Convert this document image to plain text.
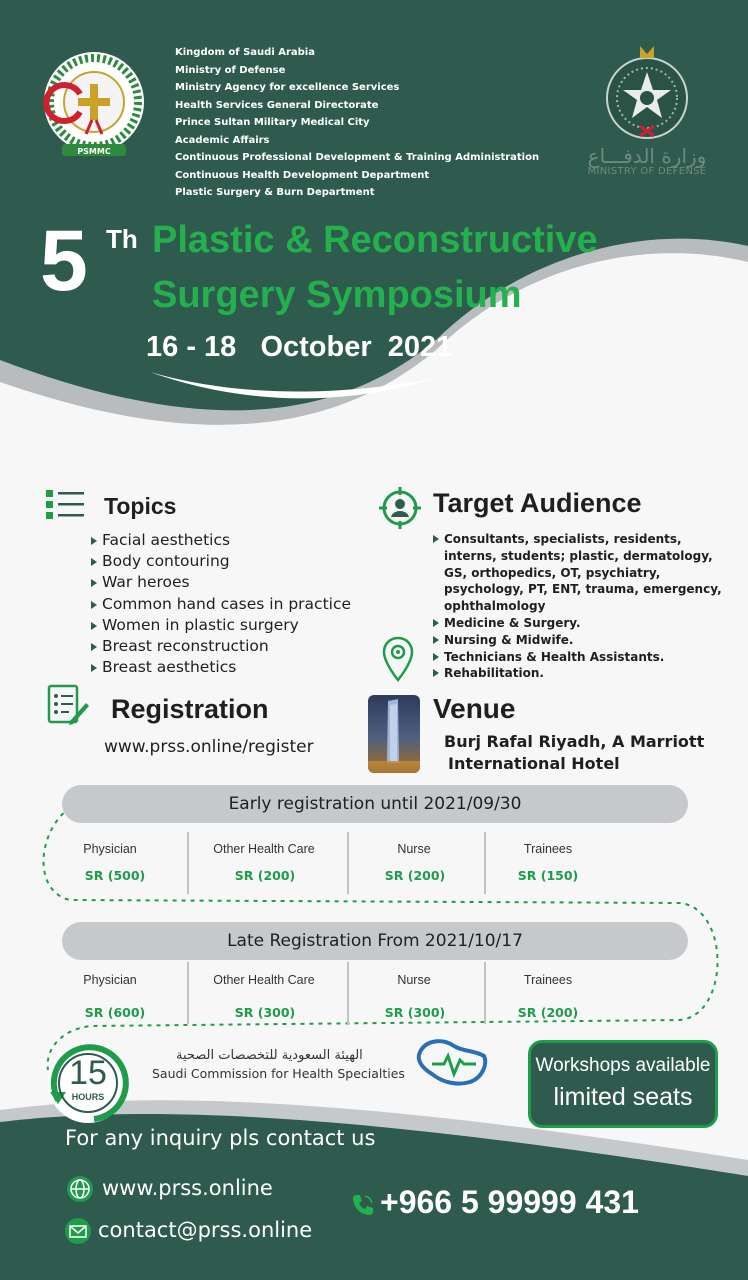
PSMMC
Kingdom of Saudi Arabia
Ministry of Defense
Ministry Agency for excellence Services
Health Services General Directorate
Prince Sultan Military Medical City
Academic Affairs
Continuous Professional Development & Training Administration
Continuous Health Development Department
Plastic Surgery & Burn Department
وزارة الدفـــاع
MINISTRY OF DEFENSE
5 Th Plastic & Reconstructive
Surgery Symposium
16 - 18   October  2021
Topics
Facial aesthetics
Body contouring
War heroes
Common hand cases in practice
Women in plastic surgery
Breast reconstruction
Breast aesthetics
Target Audience
Consultants, specialists, residents, interns, students; plastic, dermatology, GS, orthopedics, OT, psychiatry, psychology, PT, ENT, trauma, emergency, ophthalmology
Medicine & Surgery.
Nursing & Midwife.
Technicians & Health Assistants.
Rehabilitation.
Registration
www.prss.online/register
Venue
Burj Rafal Riyadh, A Marriott
International Hotel
Early registration until 2021/09/30
Physician	Other Health Care	Nurse	Trainees
SR (500)	SR (200)	SR (200)	SR (150)
Late Registration From 2021/10/17
Physician	Other Health Care	Nurse	Trainees
SR (600)	SR (300)	SR (300)	SR (200)
15
HOURS
الهيئة السعودية للتخصصات الصحية
Saudi Commission for Health Specialties	Workshops available
limited seats
For any inquiry pls contact us
www.prss.online
contact@prss.online
+966 5 99999 431
